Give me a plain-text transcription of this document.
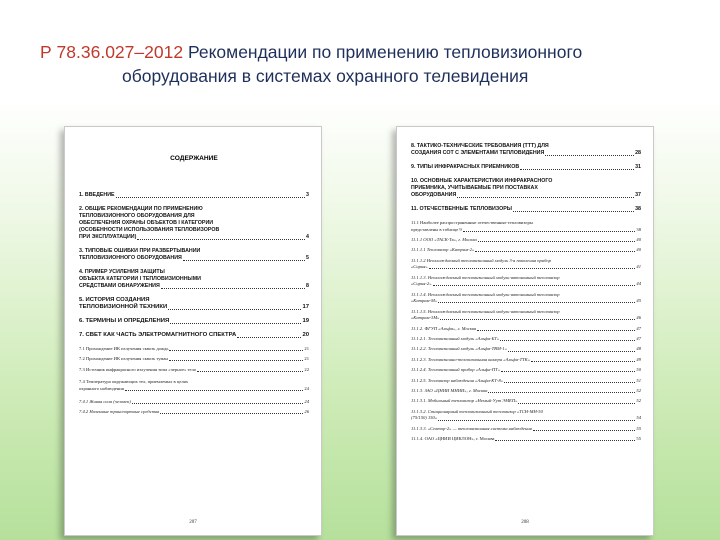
Р 78.36.027–2012 Рекомендации по применению тепловизионного
оборудования в системах охранного телевидения
СОДЕРЖАНИЕ
1. ВВЕДЕНИЕ	3
2. ОБЩИЕ РЕКОМЕНДАЦИИ ПО ПРИМЕНЕНИЮ
ТЕПЛОВИЗИОННОГО ОБОРУДОВАНИЯ ДЛЯ
ОБЕСПЕЧЕНИЯ ОХРАНЫ ОБЪЕКТОВ I КАТЕГОРИИ
(ОСОБЕННОСТИ ИСПОЛЬЗОВАНИЯ ТЕПЛОВИЗОРОВ
ПРИ ЭКСПЛУАТАЦИИ)	4
3. ТИПОВЫЕ ОШИБКИ ПРИ РАЗВЕРТЫВАНИИ
ТЕПЛОВИЗИОННОГО ОБОРУДОВАНИЯ	5
4. ПРИМЕР УСИЛЕНИЯ ЗАЩИТЫ
ОБЪЕКТА КАТЕГОРИИ I ТЕПЛОВИЗИОННЫМИ
СРЕДСТВАМИ ОБНАРУЖЕНИЯ	8
5. ИСТОРИЯ СОЗДАНИЯ
ТЕПЛОВИЗИОННОЙ ТЕХНИКИ	17
6. ТЕРМИНЫ И ОПРЕДЕЛЕНИЯ	19
7. СВЕТ КАК ЧАСТЬ ЭЛЕКТРОМАГНИТНОГО СПЕКТРА	20
7.1 Прохождение ИК излучения сквозь дождь	21
7.2 Прохождение ИК излучения сквозь туман	21
7.3 Источник инфракрасного излучения типа «черное» тело	22
7.4 Температура окружающих тел, приемлемых в целях
охранного наблюдения	24
7.4.1 Живая сила (человек)	24
7.4.2 Наземные транспортные средства	26
207
8. ТАКТИКО-ТЕХНИЧЕСКИЕ ТРЕБОВАНИЯ (ТТТ) ДЛЯ
СОЗДАНИЯ СОТ С ЭЛЕМЕНТАМИ ТЕПЛОВИДЕНИЯ	28
9. ТИПЫ ИНФРАКРАСНЫХ ПРИЕМНИКОВ	31
10. ОСНОВНЫЕ ХАРАКТЕРИСТИКИ ИНФРАКРАСНОГО
ПРИЕМНИКА, УЧИТЫВАЕМЫЕ ПРИ ПОСТАВКАХ
ОБОРУДОВАНИЯ	37
11. ОТЕЧЕСТВЕННЫЕ ТЕПЛОВИЗОРЫ	38
11.1 Наиболее распространенные отечественные тепловизоры
представлены в таблице 9	38
11.1.1 ООО «ТАСК-Тв», г. Москва	40
11.1.1.1 Тепловизор «Катрам-2»	40
11.1.1.2 Неохлаждаемый тепловизионный модуль 3-я поколения прибор
«Сирия»	41
11.1.1.3. Неохлаждаемый тепловизионный модуль-автономный тепловизор
«Сирия-2»	44
11.1.1.4. Неохлаждаемый тепловизионный модуль-автономный тепловизор
«Катрам-М»	45
11.1.1.5. Неохлаждаемый тепловизионный модуль-автономный тепловизор
«Катрам-3М»	46
11.1.2. ФГУП «Альфа», г. Москва	47
11.1.2.1. Тепловизионный модуль «Альфа-БТ»	47
11.1.2.2. Тепловизионный модуль «Альфа-ТВМ-1»	48
11.1.2.3. Тепловизионно-телевизионная камера «Альфа-ТТК»	49
11.1.2.4. Тепловизионный прибор «Альфа-ПТ»	50
11.1.2.5. Тепловизор наблюдения «Альфа-КТ-8»	51
11.1.3. ЗАО «ЦНИИ МНИИ», г. Москва	52
11.1.3.1. Мобильный тепловизор «Немый-Уут ЭМЕП»	52
11.1.3.2. Стационарный тепловизионный тепловизор «ТСН-МН-50
(75/150) 150»	54
11.1.3.3. «Сектор-2» — тепловизионная система наблюдения	55
11.1.4. ОАО «ЦНИИ ЦИКЛОН», г. Москва	55
208
